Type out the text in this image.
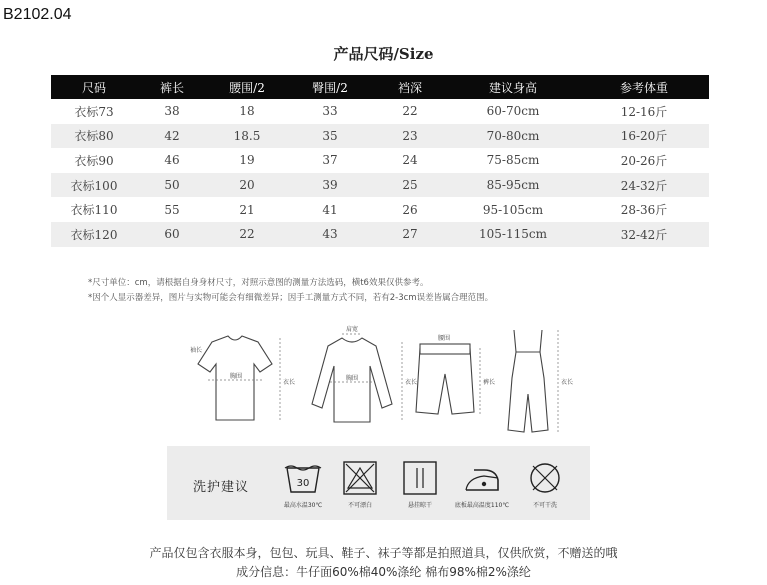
B2102.04
产品尺码/Size
尺码	裤长	腰围/2	臀围/2	裆深	建议身高	参考体重
衣标73	38	18	33	22	60-70cm	12-16斤
衣标80	42	18.5	35	23	70-80cm	16-20斤
衣标90	46	19	37	24	75-85cm	20-26斤
衣标100	50	20	39	25	85-95cm	24-32斤
衣标110	55	21	41	26	95-105cm	28-36斤
衣标120	60	22	43	27	105-115cm	32-42斤
*尺寸单位：cm，请根据自身身材尺寸，对照示意图的测量方法选码，横t6效果仅供参考。
*因个人显示器差异，图片与实物可能会有细微差异；因手工测量方式不同，若有2-3cm误差皆属合理范围。
胸围
袖长
衣长
肩宽
胸围
衣长
腰围
裤长	衣长
洗护建议	30
最高水温30℃	不可漂白	悬挂晾干	底板最高温度110℃	不可干洗
产品仅包含衣服本身，包包、玩具、鞋子、袜子等都是拍照道具，仅供欣赏，不赠送的哦
成分信息：牛仔面60%棉40%涤纶 棉布98%棉2%涤纶
